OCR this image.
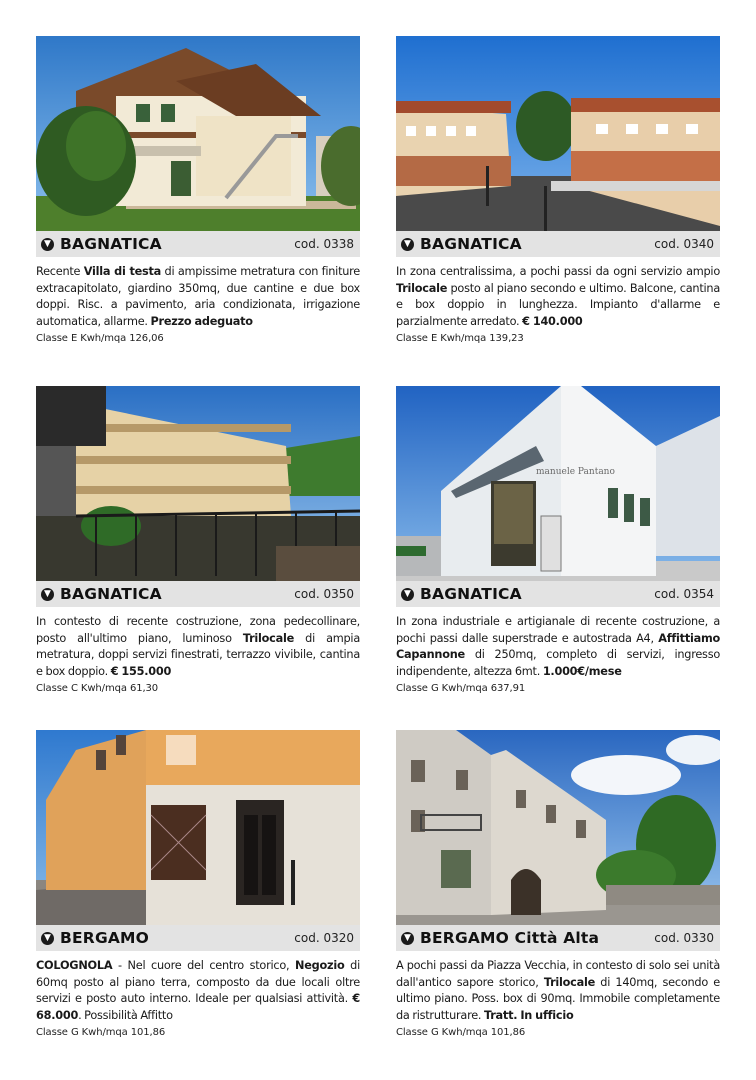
▼ BAGNATICA	cod. 0338

Recente Villa di testa di ampissime metratura con finiture extracapitolato, giardino 350mq, due cantine e due box doppi. Risc. a pavimento, aria condizionata, irrigazione automatica, allarme. Prezzo adeguato

Classe E Kwh/mqa 126,06
▼ BAGNATICA	cod. 0340

In zona centralissima, a pochi passi da ogni servizio ampio Trilocale posto al piano secondo e ultimo. Balcone, cantina e box doppio in lunghezza. Impianto d'allarme e parzialmente arredato. € 140.000

Classe E Kwh/mqa 139,23
▼ BAGNATICA	cod. 0350

In contesto di recente costruzione, zona pedecollinare, posto all'ultimo piano, luminoso Trilocale di ampia metratura, doppi servizi finestrati, terrazzo vivibile, cantina e box doppio. € 155.000

Classe C Kwh/mqa 61,30
manuele Pantano
▼ BAGNATICA	cod. 0354

In zona industriale e artigianale di recente costruzione, a pochi passi dalle superstrade e autostrada A4, Affittiamo Capannone di 250mq, completo di servizi, ingresso indipendente, altezza 6mt. 1.000€/mese

Classe G Kwh/mqa 637,91
▼ BERGAMO	cod. 0320

COLOGNOLA - Nel cuore del centro storico, Negozio di 60mq posto al piano terra, composto da due locali oltre servizi e posto auto interno. Ideale per qualsiasi attività. € 68.000. Possibilità Affitto

Classe G Kwh/mqa 101,86
▼ BERGAMO Città Alta	cod. 0330

A pochi passi da Piazza Vecchia, in contesto di solo sei unità dall'antico sapore storico, Trilocale di 140mq, secondo e ultimo piano. Poss. box di 90mq. Immobile completamente da ristrutturare. Tratt. In ufficio

Classe G Kwh/mqa 101,86
